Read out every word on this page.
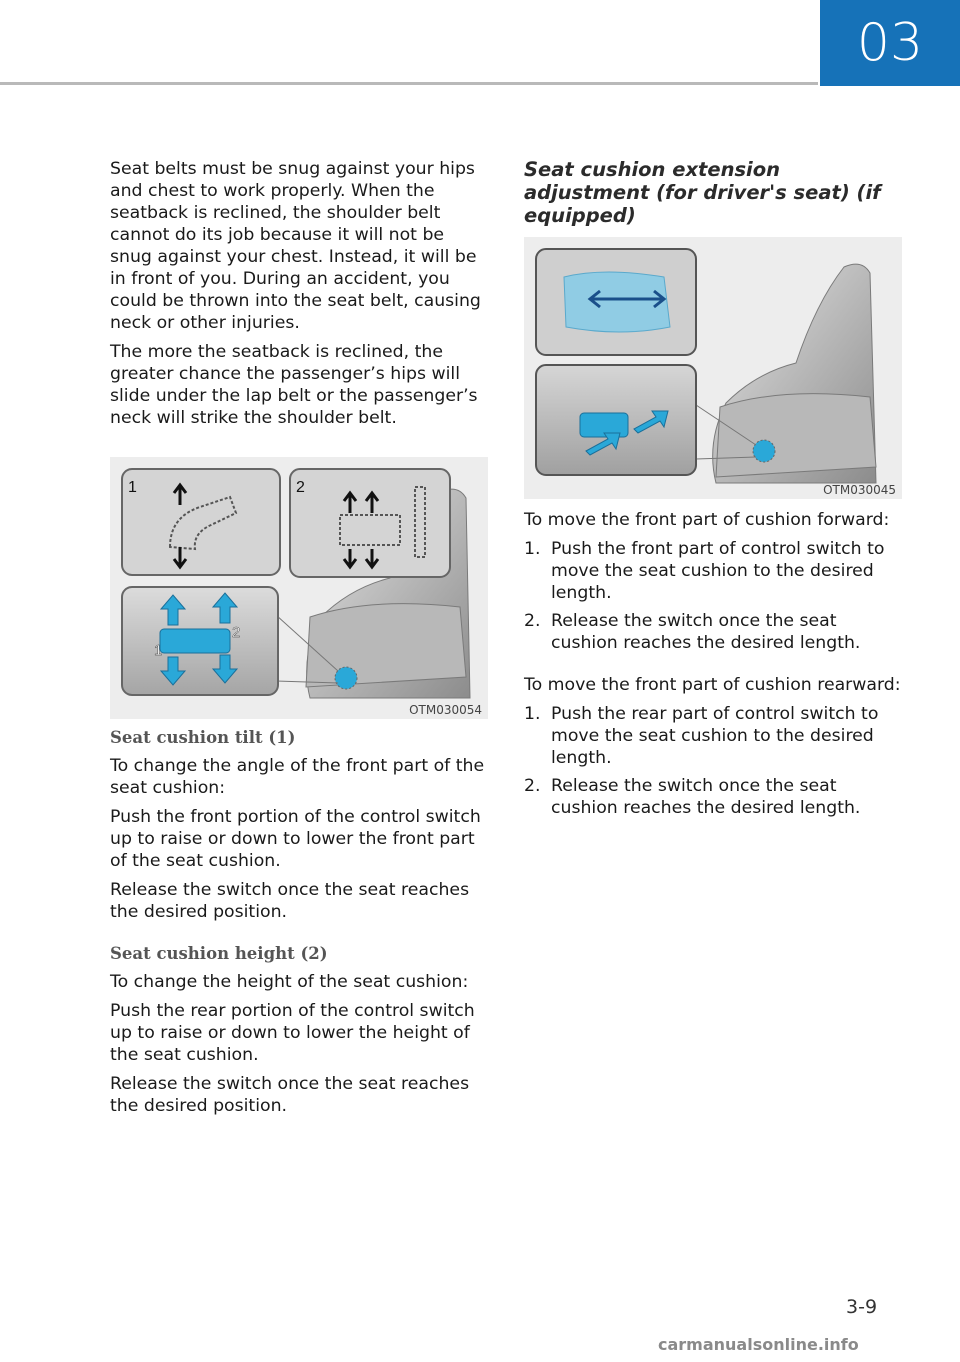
03

Seat belts must be snug against your hips and chest to work properly. When the seatback is reclined, the shoulder belt cannot do its job because it will not be snug against your chest. Instead, it will be in front of you. During an accident, you could be thrown into the seat belt, causing neck or other injuries.

The more the seatback is reclined, the greater chance the passenger’s hips will slide under the lap belt or the passenger’s neck will strike the shoulder belt.

1	2
1
2
OTM030054

Seat cushion tilt (1)

To change the angle of the front part of the seat cushion:

Push the front portion of the control switch up to raise or down to lower the front part of the seat cushion.

Release the switch once the seat reaches the desired position.

Seat cushion height (2)

To change the height of the seat cushion:

Push the rear portion of the control switch up to raise or down to lower the height of the seat cushion.

Release the switch once the seat reaches the desired position.

Seat cushion extension adjustment (for driver's seat) (if equipped)

OTM030045

To move the front part of cushion forward:

1. Push the front part of control switch to move the seat cushion to the desired length.
2. Release the switch once the seat cushion reaches the desired length.

To move the front part of cushion rearward:

1. Push the rear part of control switch to move the seat cushion to the desired length.
2. Release the switch once the seat cushion reaches the desired length.
3-9
carmanualsonline.info
